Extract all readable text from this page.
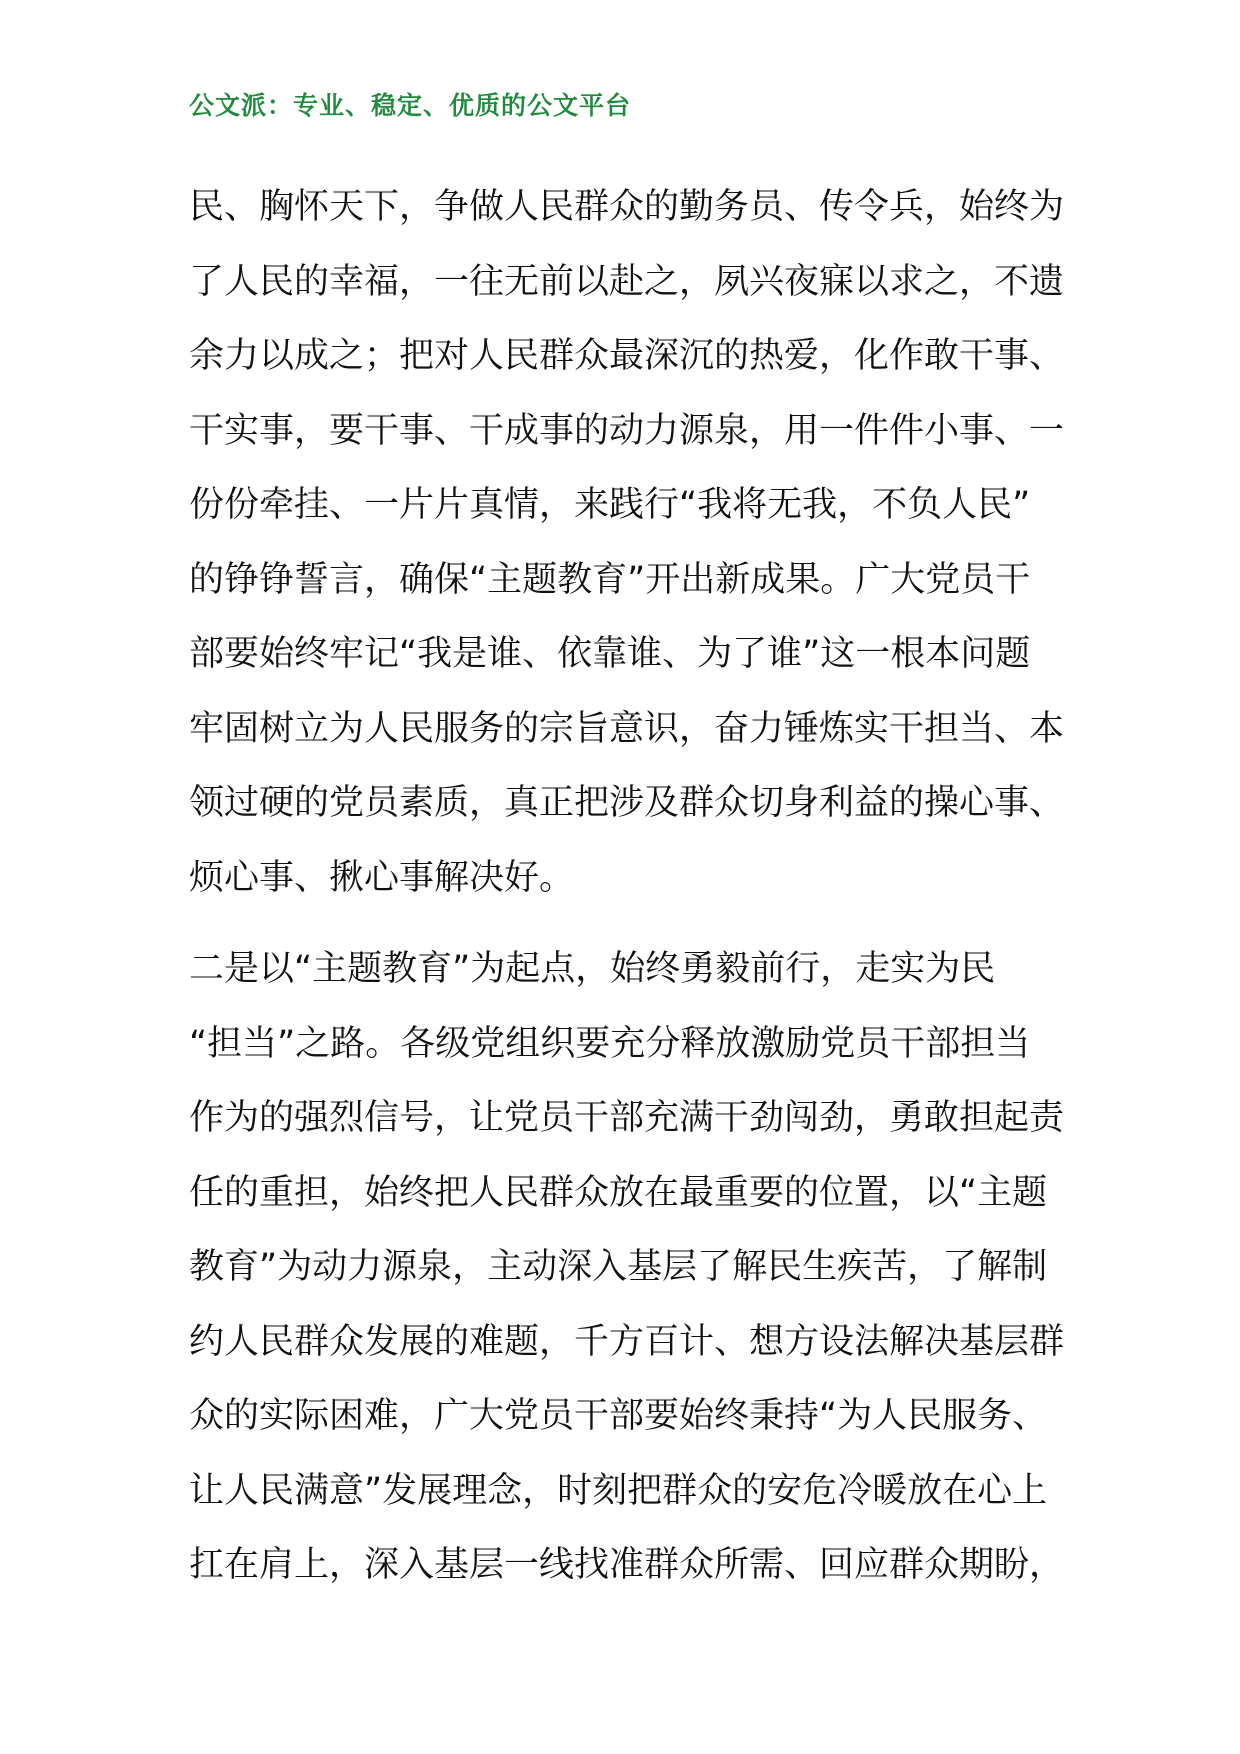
公文派：专业、稳定、优质的公文平台

民、胸怀天下，争做人民群众的勤务员、传令兵，始终为
了人民的幸福，一往无前以赴之，夙兴夜寐以求之，不遗
余力以成之；把对人民群众最深沉的热爱，化作敢干事、
干实事，要干事、干成事的动力源泉，用一件件小事、一
份份牵挂、一片片真情，来践行“我将无我，不负人民”
的铮铮誓言，确保“主题教育”开出新成果。广大党员干
部要始终牢记“我是谁、依靠谁、为了谁”这一根本问题
牢固树立为人民服务的宗旨意识，奋力锤炼实干担当、本
领过硬的党员素质，真正把涉及群众切身利益的操心事、
烦心事、揪心事解决好。

二是以“主题教育”为起点，始终勇毅前行，走实为民
“担当”之路。各级党组织要充分释放激励党员干部担当
作为的强烈信号，让党员干部充满干劲闯劲，勇敢担起责
任的重担，始终把人民群众放在最重要的位置，以“主题
教育”为动力源泉，主动深入基层了解民生疾苦，了解制
约人民群众发展的难题，千方百计、想方设法解决基层群
众的实际困难，广大党员干部要始终秉持“为人民服务、
让人民满意”发展理念，时刻把群众的安危冷暖放在心上
扛在肩上，深入基层一线找准群众所需、回应群众期盼，
